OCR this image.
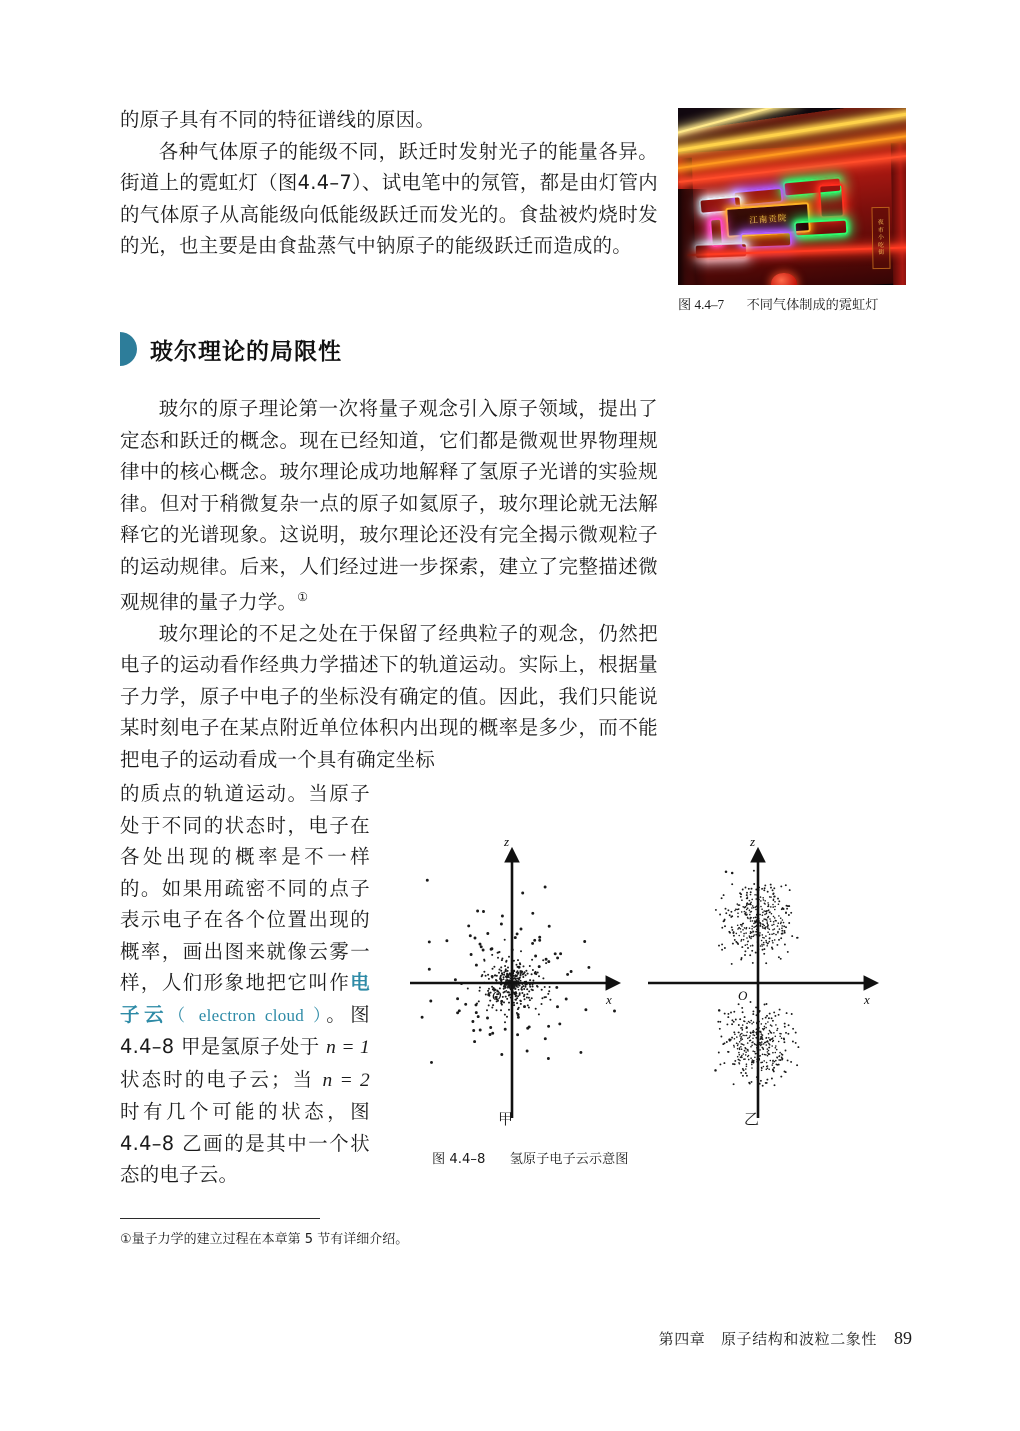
的原子具有不同的特征谱线的原因。

各种气体原子的能级不同，跃迁时发射光子的能量各异。街道上的霓虹灯（图4.4–7）、试电笔中的氖管，都是由灯管内的气体原子从高能级向低能级跃迁而发光的。食盐被灼烧时发的光，也主要是由食盐蒸气中钠原子的能级跃迁而造成的。

江 南 贡 院	夜
市
小
吃
街
图 4.4–7 不同气体制成的霓虹灯
玻尔理论的局限性

玻尔的原子理论第一次将量子观念引入原子领域，提出了定态和跃迁的概念。现在已经知道，它们都是微观世界物理规律中的核心概念。玻尔理论成功地解释了氢原子光谱的实验规律。但对于稍微复杂一点的原子如氦原子，玻尔理论就无法解释它的光谱现象。这说明，玻尔理论还没有完全揭示微观粒子的运动规律。后来，人们经过进一步探索，建立了完整描述微观规律的量子力学。①

玻尔理论的不足之处在于保留了经典粒子的观念，仍然把电子的运动看作经典力学描述下的轨道运动。实际上，根据量子力学，原子中电子的坐标没有确定的值。因此，我们只能说某时刻电子在某点附近单位体积内出现的概率是多少，而不能把电子的运动看成一个具有确定坐标

的质点的轨道运动。当原子处于不同的状态时，电子在各处出现的概率是不一样的。如果用疏密不同的点子表示电子在各个位置出现的概率，画出图来就像云雾一样，人们形象地把它叫作电子云（ electron cloud ）。图 4.4–8 甲是氢原子处于 n = 1 状态时的电子云；当 n = 2 时有几个可能的状态，图 4.4–8 乙画的是其中一个状态的电子云。

z
x
O
z
x
O
甲	乙
图 4.4–8 氢原子电子云示意图
①量子力学的建立过程在本章第 5 节有详细介绍。
第四章　原子结构和波粒二象性 89
